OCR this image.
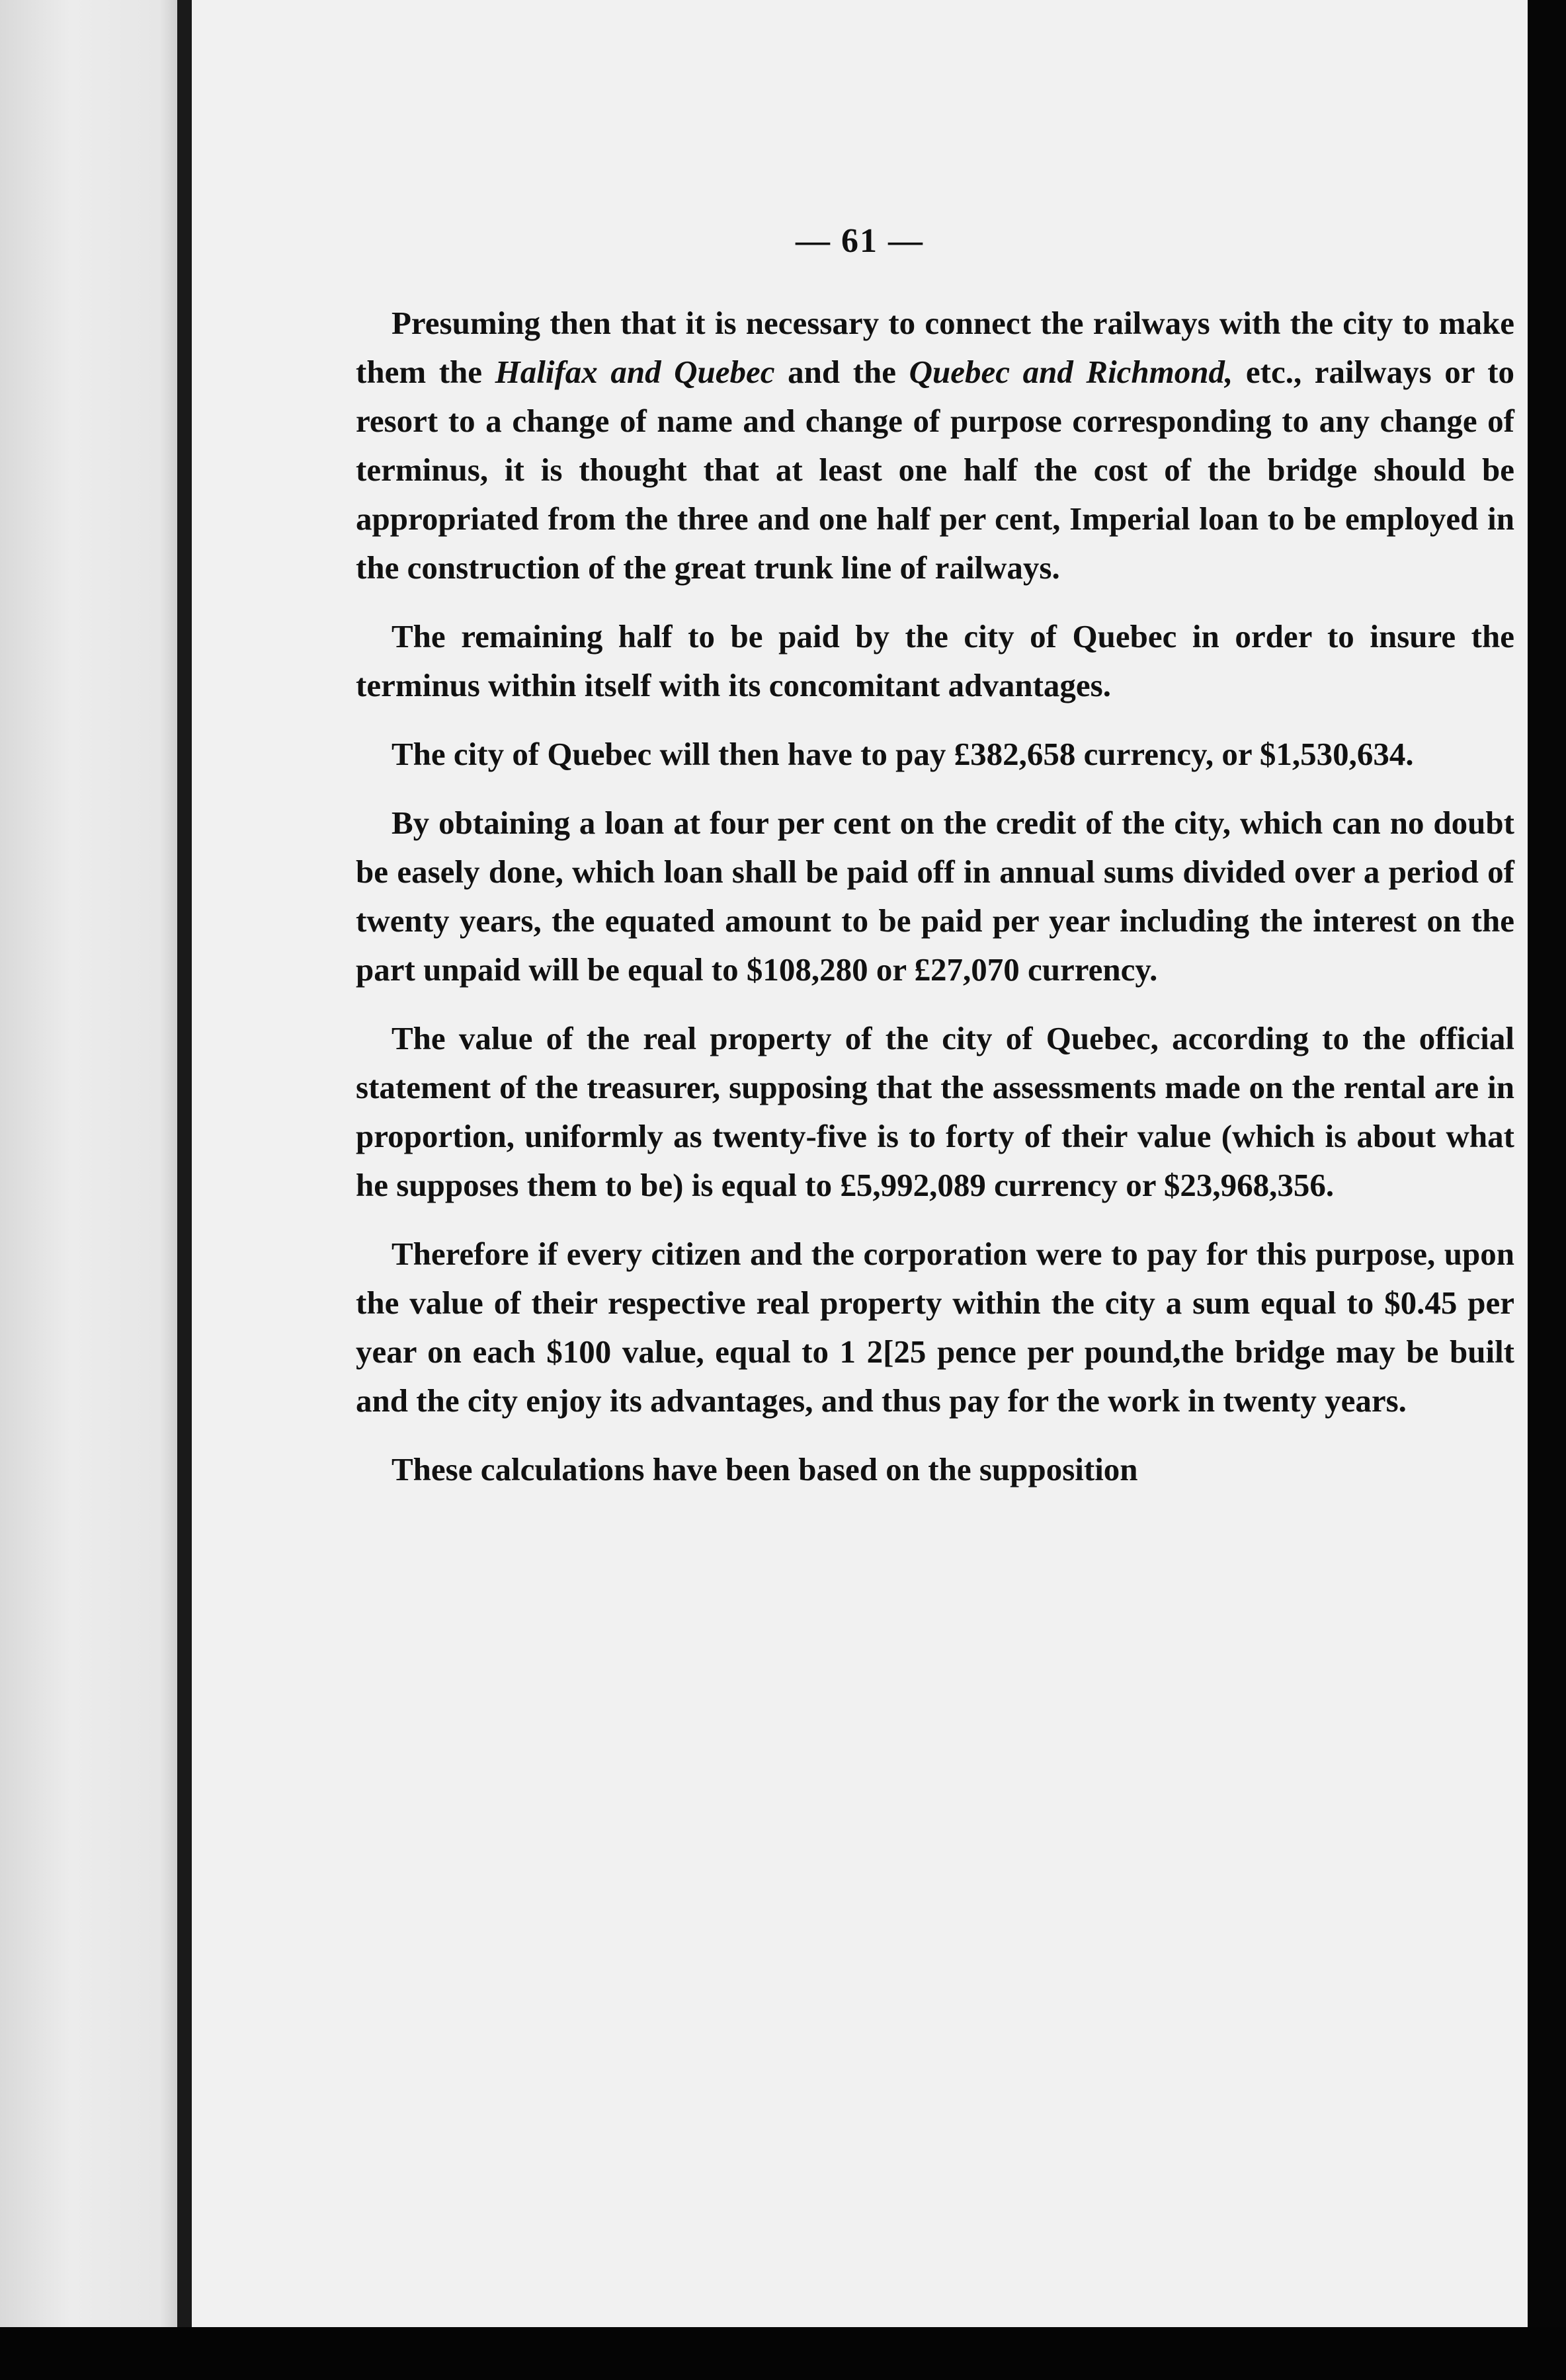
— 61 —

Presuming then that it is necessary to connect the railways with the city to make them the Halifax and Quebec and the Quebec and Richmond, etc., railways or to resort to a change of name and change of purpose corresponding to any change of terminus, it is thought that at least one half the cost of the bridge should be appropriated from the three and one half per cent, Imperial loan to be employed in the construction of the great trunk line of railways.

The remaining half to be paid by the city of Quebec in order to insure the terminus within itself with its concomitant advantages.

The city of Quebec will then have to pay £382,658 currency, or $1,530,634.

By obtaining a loan at four per cent on the credit of the city, which can no doubt be easely done, which loan shall be paid off in annual sums divided over a period of twenty years, the equated amount to be paid per year including the interest on the part unpaid will be equal to $108,280 or £27,070 currency.

The value of the real property of the city of Quebec, according to the official statement of the treasurer, supposing that the assessments made on the rental are in proportion, uniformly as twenty-five is to forty of their value (which is about what he supposes them to be) is equal to £5,992,089 currency or $23,968,356.

Therefore if every citizen and the corporation were to pay for this purpose, upon the value of their respective real property within the city a sum equal to $0.45 per year on each $100 value, equal to 1 2[25 pence per pound,the bridge may be built and the city enjoy its advantages, and thus pay for the work in twenty years.

These calculations have been based on the supposition
